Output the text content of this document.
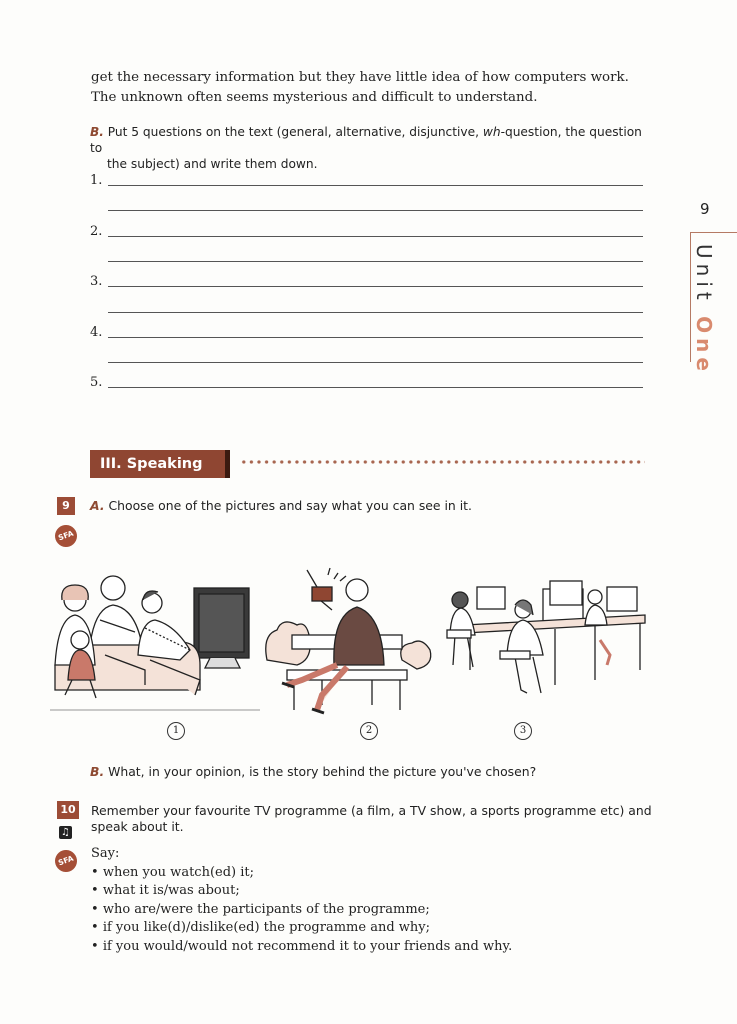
get the necessary information but they have little idea of how computers work.
The unknown often seems mysterious and difficult to understand.
B. Put 5 questions on the text (general, alternative, disjunctive, wh-question, the question to
the subject) and write them down.
1.
2.
3.
4.
5.
9
Unit One
III. Speaking
9
SFA
A. Choose one of the pictures and say what you can see in it.
1	2	3
B. What, in your opinion, is the story behind the picture you've chosen?
10
♫
SFA
Remember your favourite TV programme (a film, a TV show, a sports programme etc) and
speak about it.
Say:
• when you watch(ed) it;
• what it is/was about;
• who are/were the participants of the programme;
• if you like(d)/dislike(ed) the programme and why;
• if you would/would not recommend it to your friends and why.
